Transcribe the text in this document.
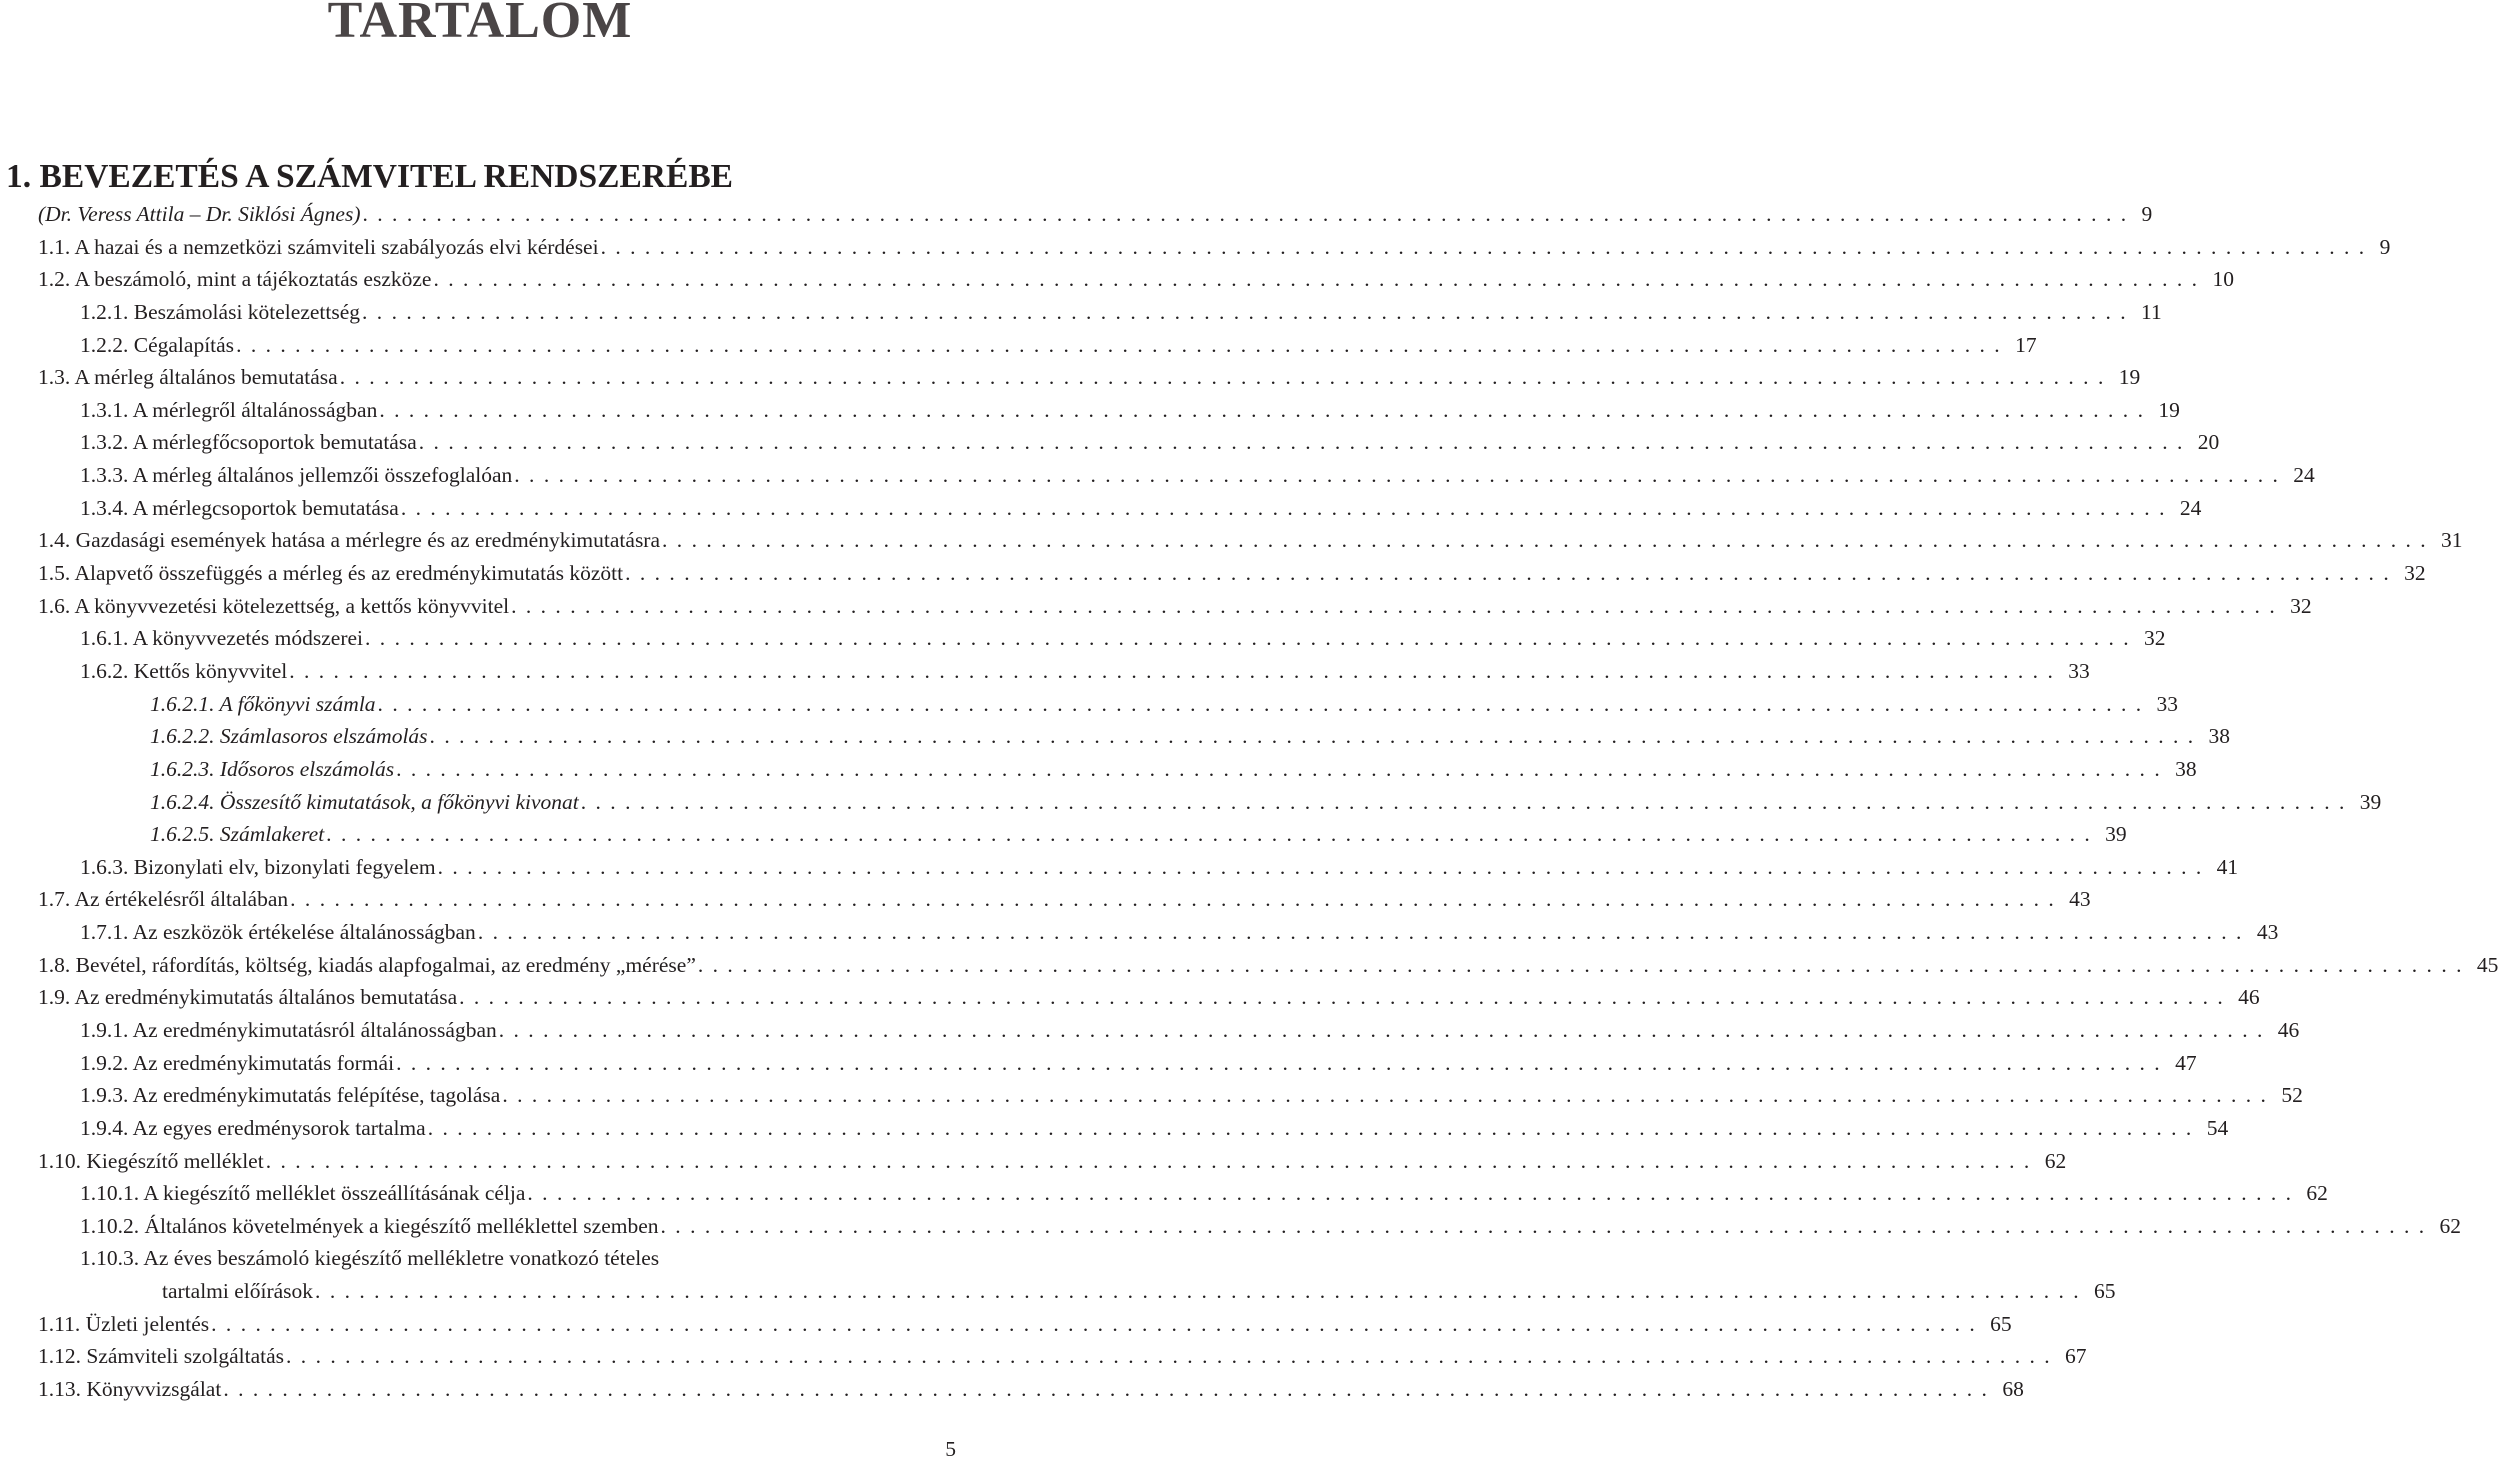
TARTALOM
1. BEVEZETÉS A SZÁMVITEL RENDSZERÉBE
(Dr. Veress Attila – Dr. Siklósi Ágnes) ........................................................................................................................ 9
1.1. A hazai és a nemzetközi számviteli szabályozás elvi kérdései ........................................................................................................................ 9
1.2. A beszámoló, mint a tájékoztatás eszköze ........................................................................................................................ 10
1.2.1. Beszámolási kötelezettség ........................................................................................................................ 11
1.2.2. Cégalapítás ........................................................................................................................ 17
1.3. A mérleg általános bemutatása ........................................................................................................................ 19
1.3.1. A mérlegről általánosságban ........................................................................................................................ 19
1.3.2. A mérlegfőcsoportok bemutatása ........................................................................................................................ 20
1.3.3. A mérleg általános jellemzői összefoglalóan ........................................................................................................................ 24
1.3.4. A mérlegcsoportok bemutatása ........................................................................................................................ 24
1.4. Gazdasági események hatása a mérlegre és az eredménykimutatásra ........................................................................................................................ 31
1.5. Alapvető összefüggés a mérleg és az eredménykimutatás között ........................................................................................................................ 32
1.6. A könyvvezetési kötelezettség, a kettős könyvvitel ........................................................................................................................ 32
1.6.1. A könyvvezetés módszerei ........................................................................................................................ 32
1.6.2. Kettős könyvvitel ........................................................................................................................ 33
1.6.2.1. A főkönyvi számla ........................................................................................................................ 33
1.6.2.2. Számlasoros elszámolás ........................................................................................................................ 38
1.6.2.3. Idősoros elszámolás ........................................................................................................................ 38
1.6.2.4. Összesítő kimutatások, a főkönyvi kivonat ........................................................................................................................ 39
1.6.2.5. Számlakeret ........................................................................................................................ 39
1.6.3. Bizonylati elv, bizonylati fegyelem ........................................................................................................................ 41
1.7. Az értékelésről általában ........................................................................................................................ 43
1.7.1. Az eszközök értékelése általánosságban ........................................................................................................................ 43
1.8. Bevétel, ráfordítás, költség, kiadás alapfogalmai, az eredmény „mérése” ........................................................................................................................ 45
1.9. Az eredménykimutatás általános bemutatása ........................................................................................................................ 46
1.9.1. Az eredménykimutatásról általánosságban ........................................................................................................................ 46
1.9.2. Az eredménykimutatás formái ........................................................................................................................ 47
1.9.3. Az eredménykimutatás felépítése, tagolása ........................................................................................................................ 52
1.9.4. Az egyes eredménysorok tartalma ........................................................................................................................ 54
1.10. Kiegészítő melléklet ........................................................................................................................ 62
1.10.1. A kiegészítő melléklet összeállításának célja ........................................................................................................................ 62
1.10.2. Általános követelmények a kiegészítő melléklettel szemben ........................................................................................................................ 62
1.10.3. Az éves beszámoló kiegészítő mellékletre vonatkozó tételes
tartalmi előírások ........................................................................................................................ 65
1.11. Üzleti jelentés ........................................................................................................................ 65
1.12. Számviteli szolgáltatás ........................................................................................................................ 67
1.13. Könyvvizsgálat ........................................................................................................................ 68
5
